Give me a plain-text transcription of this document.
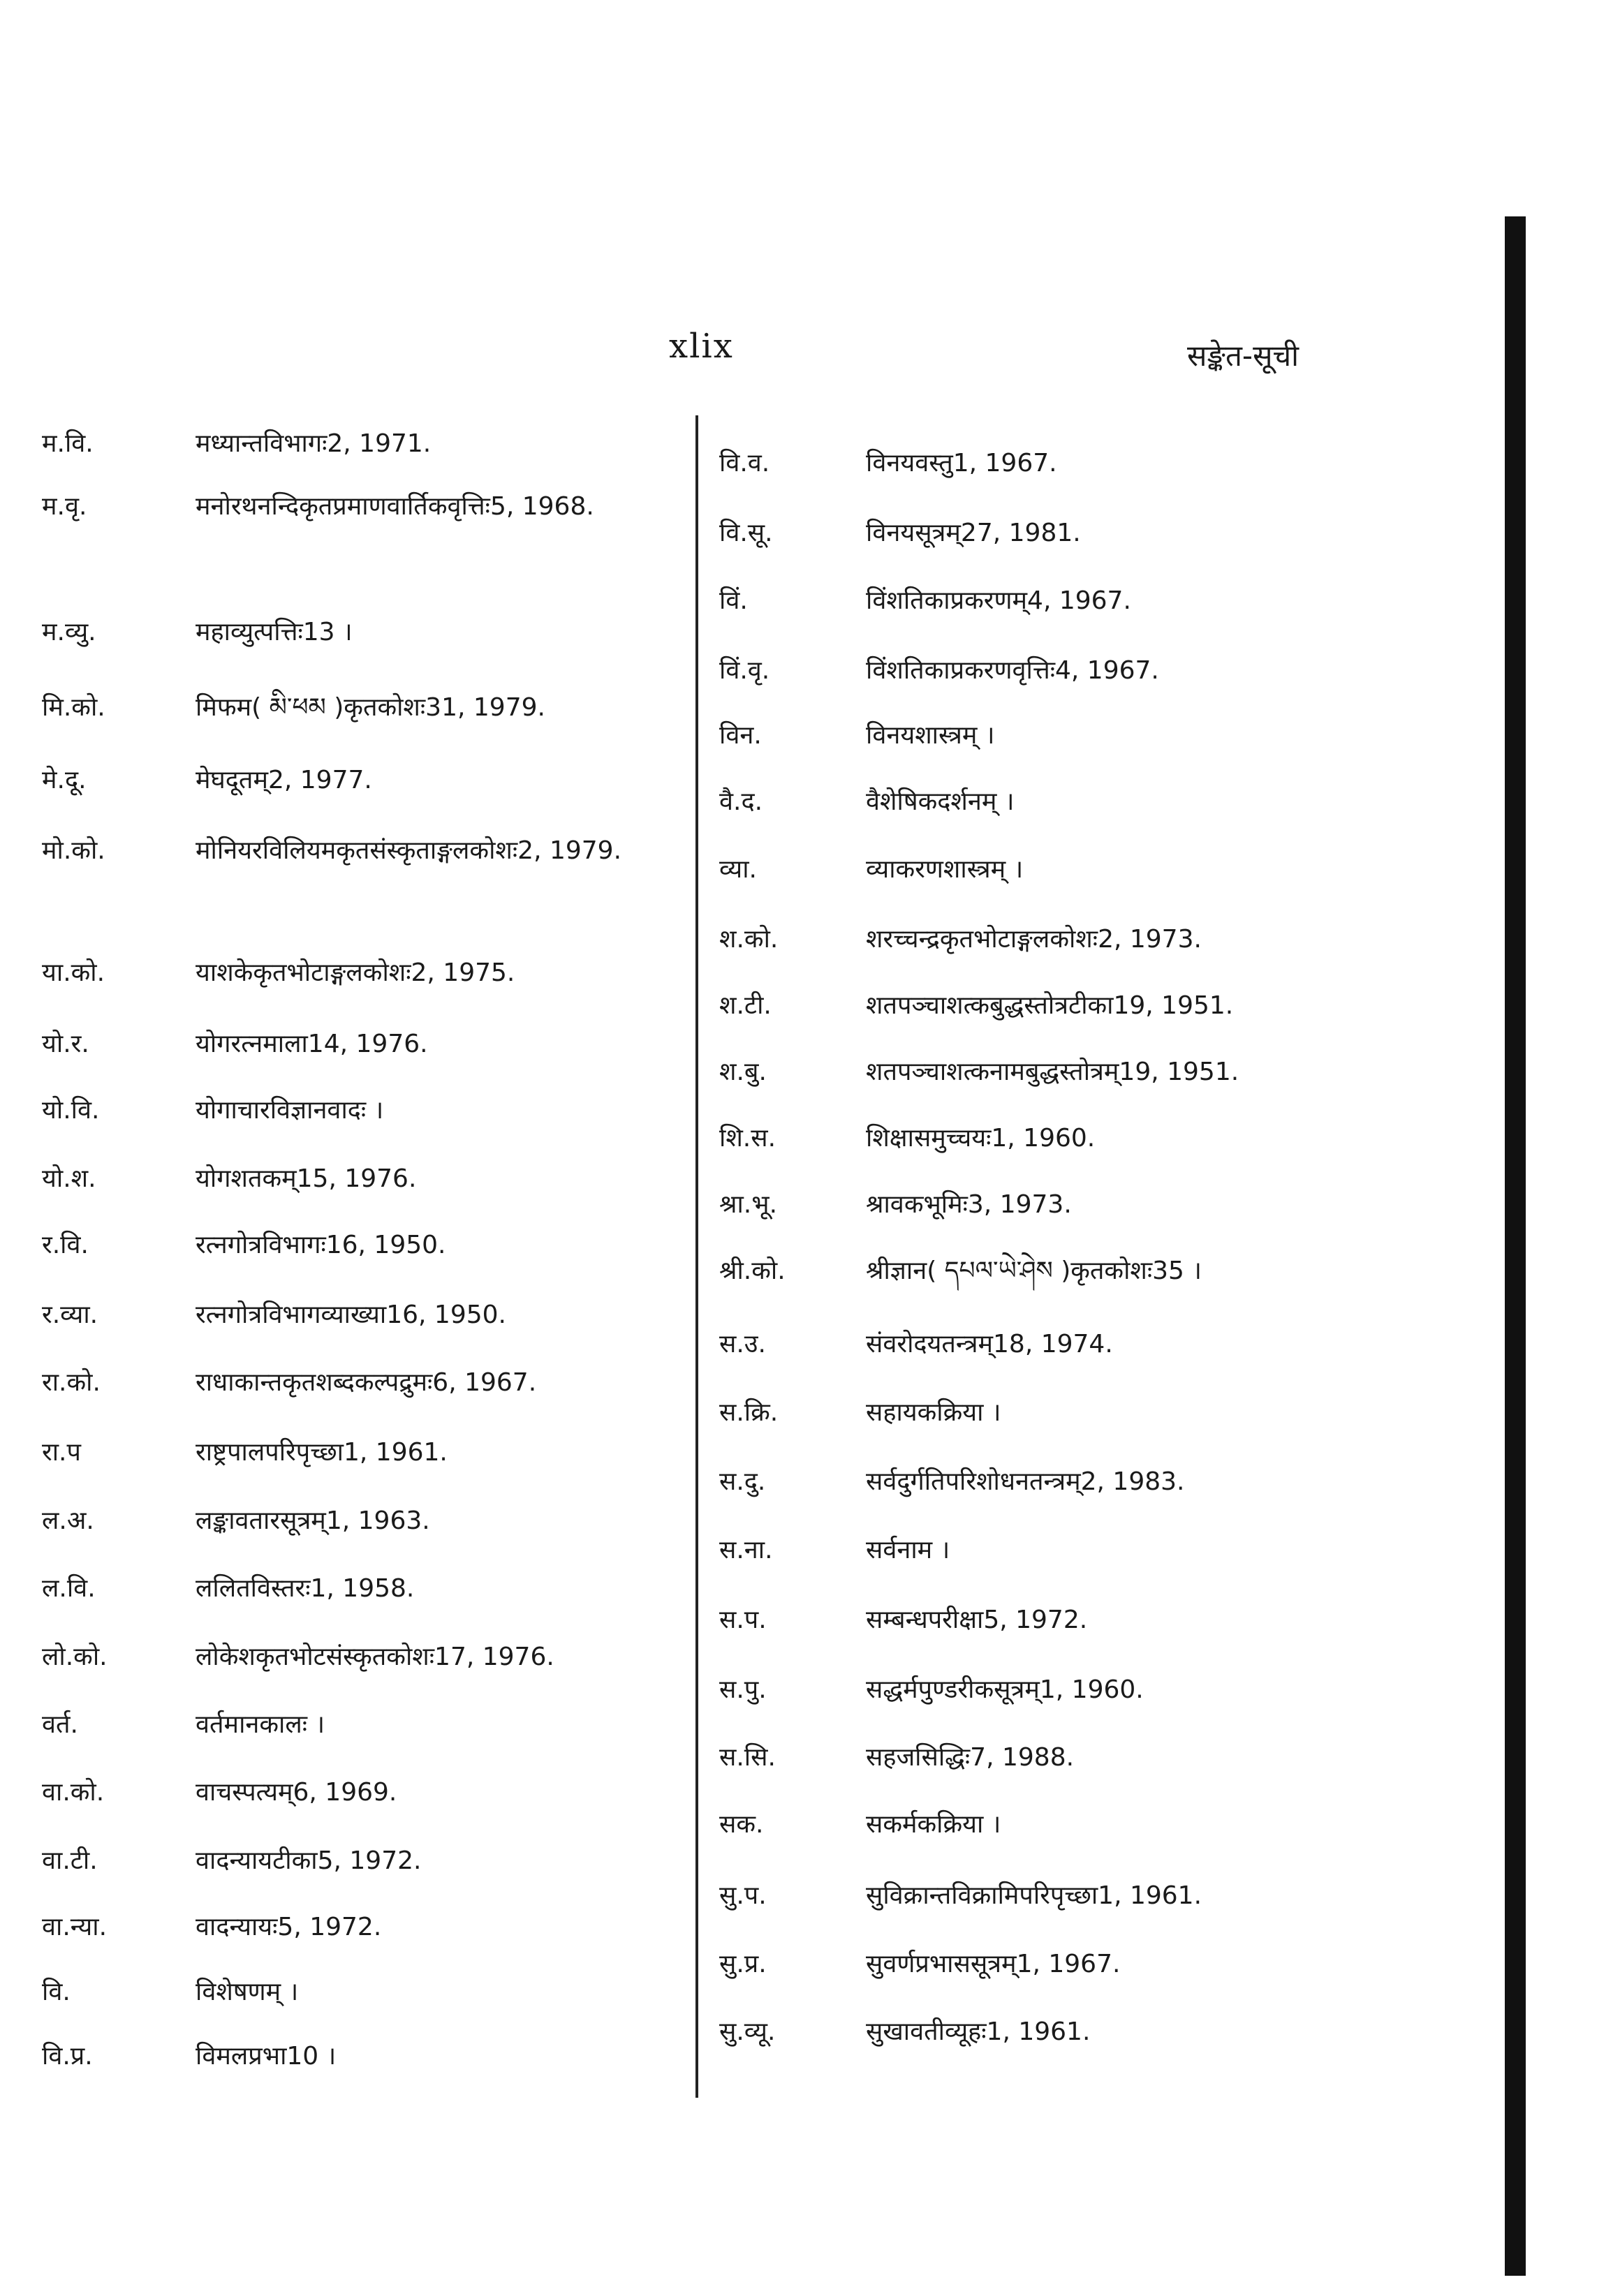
xlix	सङ्केत-सूची
म.वि.	मध्यान्तविभागः2, 1971.
म.वृ.	मनोरथनन्दिकृतप्रमाणवार्तिकवृत्तिः5, 1968.
म.व्यु.	महाव्युत्पत्तिः13 ।
मि.को.	मिफम( མི་ཕམ )कृतकोशः31, 1979.
मे.दू.	मेघदूतम्2, 1977.
मो.को.	मोनियरविलियमकृतसंस्कृताङ्गलकोशः2, 1979.
या.को.	याशकेकृतभोटाङ्गलकोशः2, 1975.
यो.र.	योगरत्नमाला14, 1976.
यो.वि.	योगाचारविज्ञानवादः ।
यो.श.	योगशतकम्15, 1976.
र.वि.	रत्नगोत्रविभागः16, 1950.
र.व्या.	रत्नगोत्रविभागव्याख्या16, 1950.
रा.को.	राधाकान्तकृतशब्दकल्पद्रुमः6, 1967.
रा.प	राष्ट्रपालपरिपृच्छा1, 1961.
ल.अ.	लङ्कावतारसूत्रम्1, 1963.
ल.वि.	ललितविस्तरः1, 1958.
लो.को.	लोकेशकृतभोटसंस्कृतकोशः17, 1976.
वर्त.	वर्तमानकालः ।
वा.को.	वाचस्पत्यम्6, 1969.
वा.टी.	वादन्यायटीका5, 1972.
वा.न्या.	वादन्यायः5, 1972.
वि.	विशेषणम् ।
वि.प्र.	विमलप्रभा10 ।
वि.व.	विनयवस्तु1, 1967.
वि.सू.	विनयसूत्रम्27, 1981.
विं.	विंशतिकाप्रकरणम्4, 1967.
विं.वृ.	विंशतिकाप्रकरणवृत्तिः4, 1967.
विन.	विनयशास्त्रम् ।
वै.द.	वैशेषिकदर्शनम् ।
व्या.	व्याकरणशास्त्रम् ।
श.को.	शरच्चन्द्रकृतभोटाङ्गलकोशः2, 1973.
श.टी.	शतपञ्चाशत्कबुद्धस्तोत्रटीका19, 1951.
श.बु.	शतपञ्चाशत्कनामबुद्धस्तोत्रम्19, 1951.
शि.स.	शिक्षासमुच्चयः1, 1960.
श्रा.भू.	श्रावकभूमिः3, 1973.
श्री.को.	श्रीज्ञान( དཔལ་ཡེ་ཤེས )कृतकोशः35 ।
स.उ.	संवरोदयतन्त्रम्18, 1974.
स.क्रि.	सहायकक्रिया ।
स.दु.	सर्वदुर्गतिपरिशोधनतन्त्रम्2, 1983.
स.ना.	सर्वनाम ।
स.प.	सम्बन्धपरीक्षा5, 1972.
स.पु.	सद्धर्मपुण्डरीकसूत्रम्1, 1960.
स.सि.	सहजसिद्धिः7, 1988.
सक.	सकर्मकक्रिया ।
सु.प.	सुविक्रान्तविक्रामिपरिपृच्छा1, 1961.
सु.प्र.	सुवर्णप्रभाससूत्रम्1, 1967.
सु.व्यू.	सुखावतीव्यूहः1, 1961.
